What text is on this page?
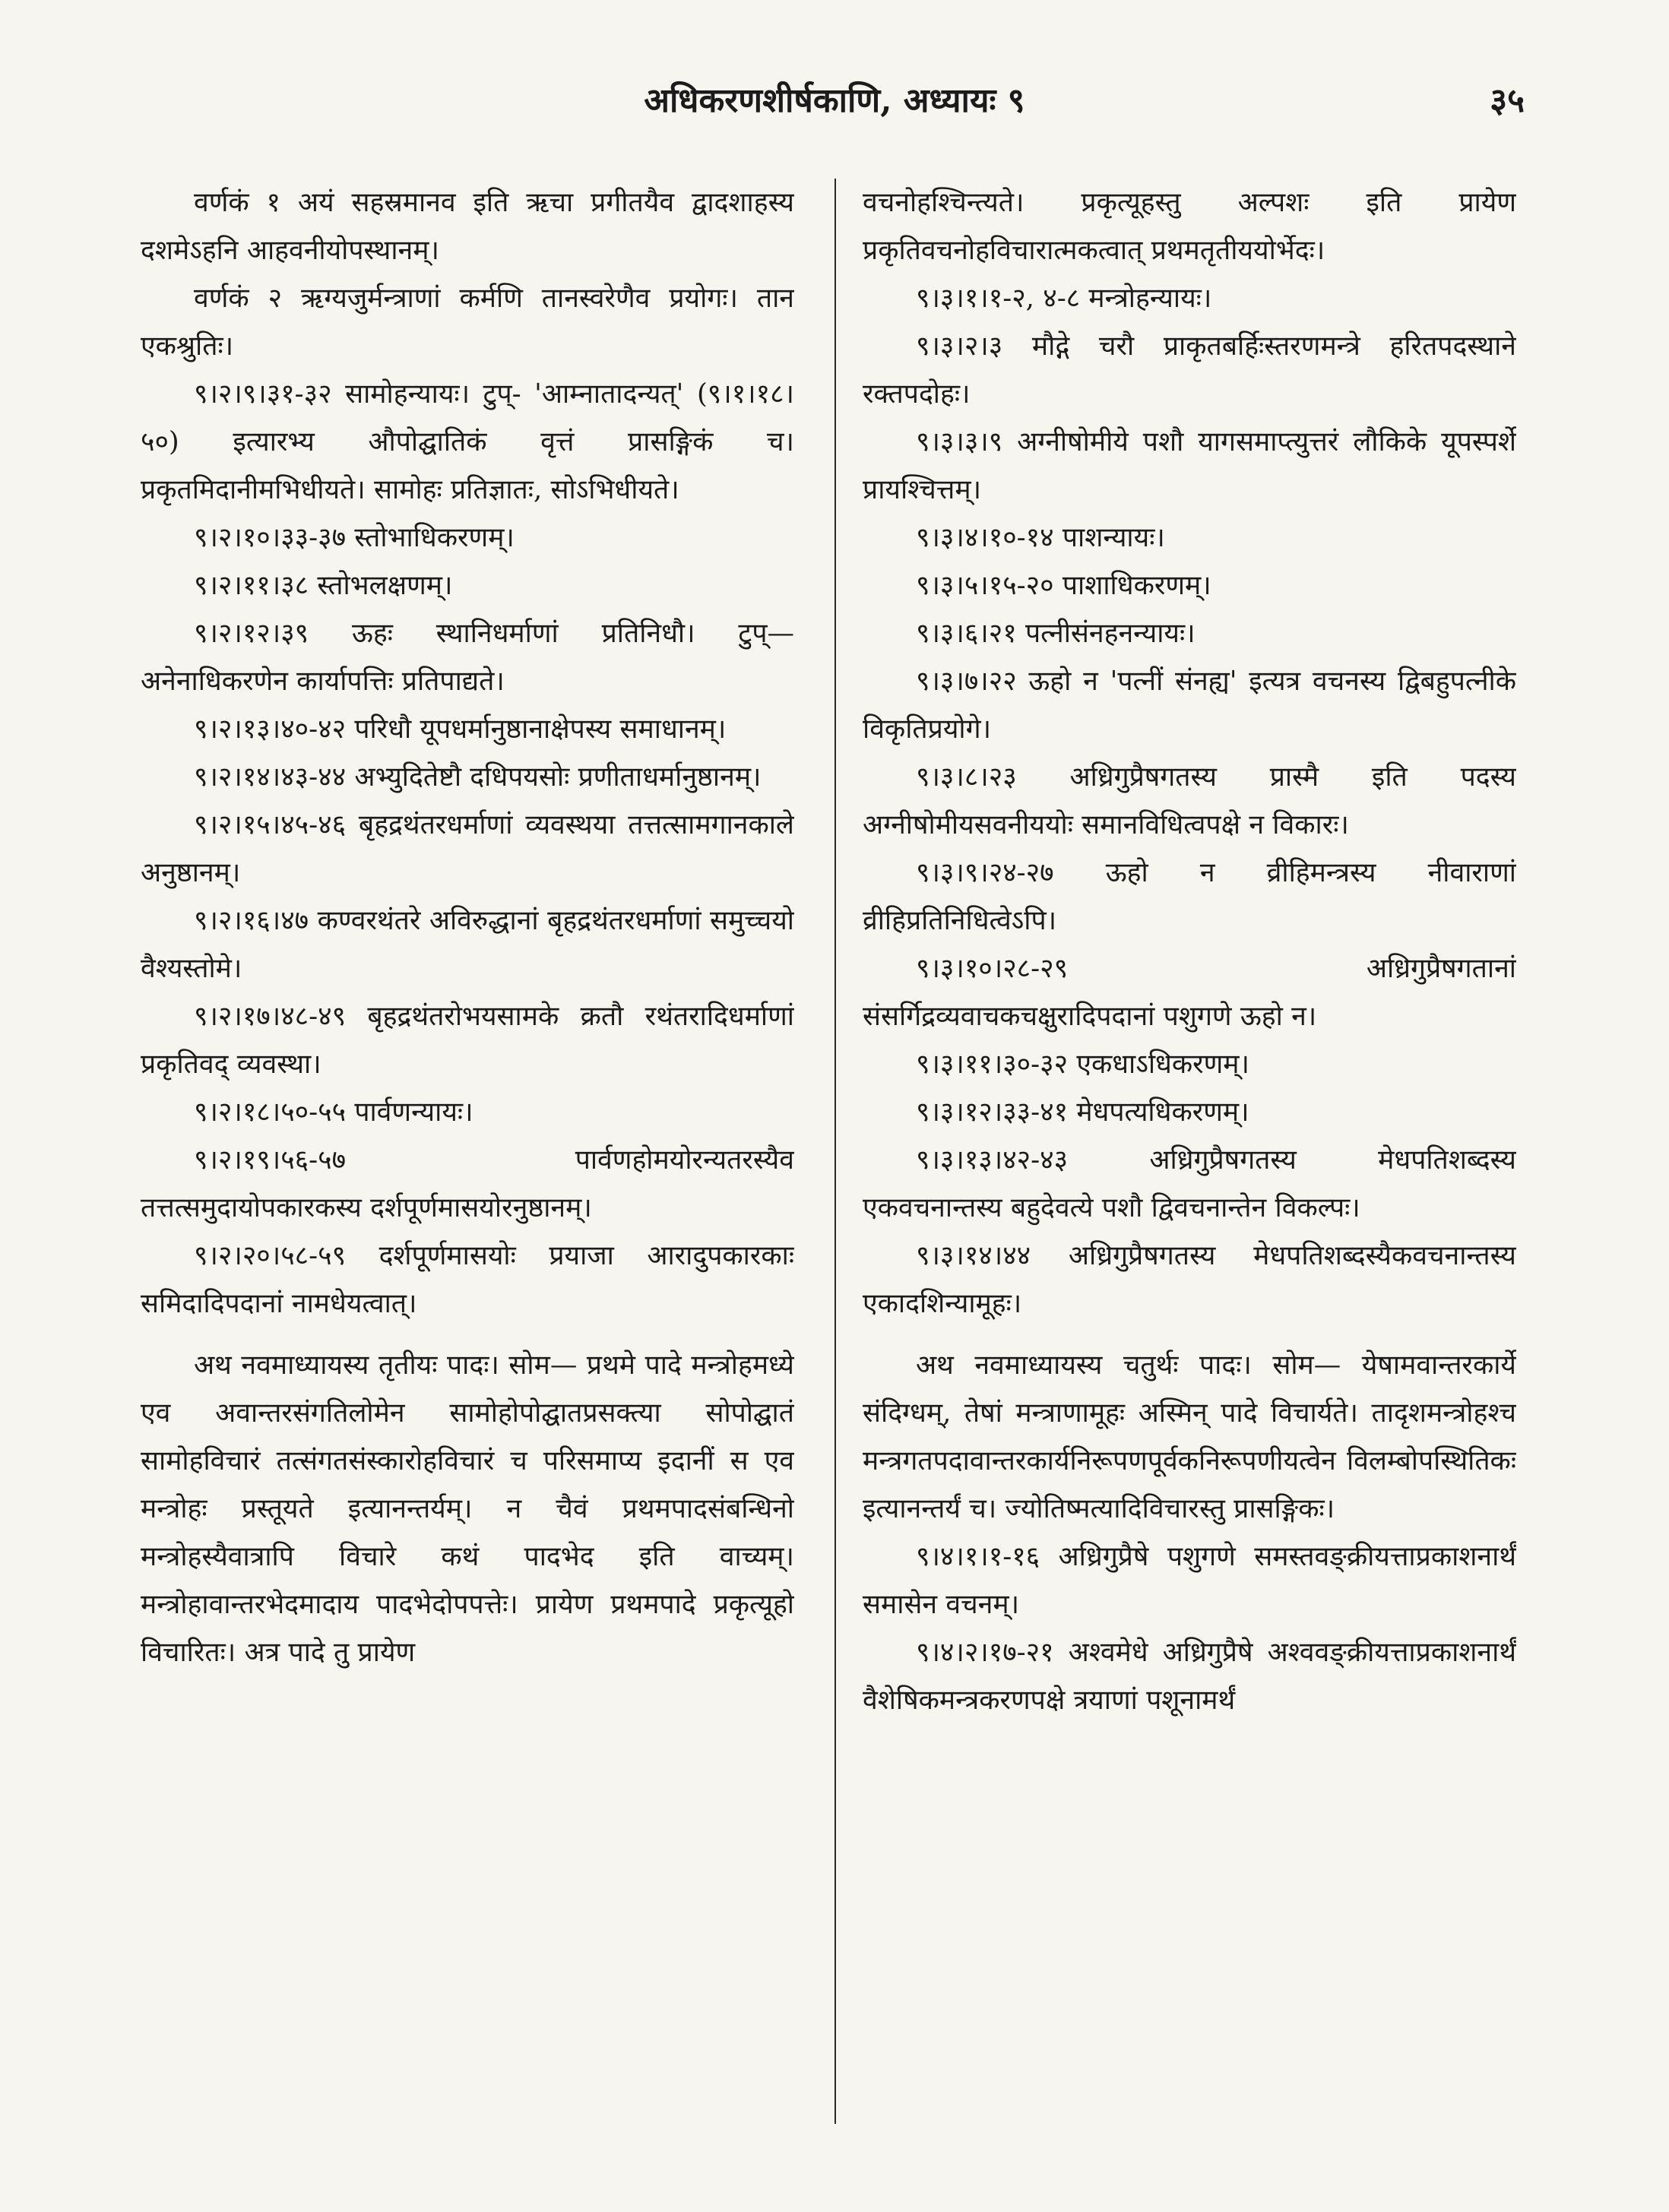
अधिकरणशीर्षकाणि, अध्यायः ९	३५

वर्णकं १ अयं सहस्रमानव इति ऋचा प्रगीतयैव द्वादशाहस्य दशमेऽहनि आहवनीयोपस्थानम्।

वर्णकं २ ऋग्यजुर्मन्त्राणां कर्मणि तानस्वरेणैव प्रयोगः। तान एकश्रुतिः।

९।२।९।३१-३२ सामोहन्यायः। टुप्- 'आम्नातादन्यत्' (९।१।१८।५०) इत्यारभ्य औपोद्घातिकं वृत्तं प्रासङ्गिकं च। प्रकृतमिदानीमभिधीयते। सामोहः प्रतिज्ञातः, सोऽभिधीयते।

९।२।१०।३३-३७ स्तोभाधिकरणम्।

९।२।११।३८ स्तोभलक्षणम्।

९।२।१२।३९ ऊहः स्थानिधर्माणां प्रतिनिधौ। टुप्— अनेनाधिकरणेन कार्यापत्तिः प्रतिपाद्यते।

९।२।१३।४०-४२ परिधौ यूपधर्मानुष्ठानाक्षेपस्य समाधानम्।

९।२।१४।४३-४४ अभ्युदितेष्टौ दधिपयसोः प्रणीताधर्मानुष्ठानम्।

९।२।१५।४५-४६ बृहद्रथंतरधर्माणां व्यवस्थया तत्तत्सामगानकाले अनुष्ठानम्।

९।२।१६।४७ कण्वरथंतरे अविरुद्धानां बृहद्रथंतरधर्माणां समुच्चयो वैश्यस्तोमे।

९।२।१७।४८-४९ बृहद्रथंतरोभयसामके क्रतौ रथंतरादिधर्माणां प्रकृतिवद् व्यवस्था।

९।२।१८।५०-५५ पार्वणन्यायः।

९।२।१९।५६-५७ पार्वणहोमयोरन्यतरस्यैव तत्तत्समुदायोपकारकस्य दर्शपूर्णमासयोरनुष्ठानम्।

९।२।२०।५८-५९ दर्शपूर्णमासयोः प्रयाजा आरादुपकारकाः समिदादिपदानां नामधेयत्वात्।

अथ नवमाध्यायस्य तृतीयः पादः। सोम— प्रथमे पादे मन्त्रोहमध्ये एव अवान्तरसंगतिलोमेन सामोहोपोद्घातप्रसक्त्या सोपोद्घातं सामोहविचारं तत्संगतसंस्कारोहविचारं च परिसमाप्य इदानीं स एव मन्त्रोहः प्रस्तूयते इत्यानन्तर्यम्। न चैवं प्रथमपादसंबन्धिनो मन्त्रोहस्यैवात्रापि विचारे कथं पादभेद इति वाच्यम्। मन्त्रोहावान्तरभेदमादाय पादभेदोपपत्तेः। प्रायेण प्रथमपादे प्रकृत्यूहो विचारितः। अत्र पादे तु प्रायेण

वचनोहश्चिन्त्यते। प्रकृत्यूहस्तु अल्पशः इति प्रायेण प्रकृतिवचनोहविचारात्मकत्वात् प्रथमतृतीययोर्भेदः।

९।३।१।१-२, ४-८ मन्त्रोहन्यायः।

९।३।२।३ मौद्गे चरौ प्राकृतबर्हिःस्तरणमन्त्रे हरितपदस्थाने रक्तपदोहः।

९।३।३।९ अग्नीषोमीये पशौ यागसमाप्त्युत्तरं लौकिके यूपस्पर्शे प्रायश्चित्तम्।

९।३।४।१०-१४ पाशन्यायः।

९।३।५।१५-२० पाशाधिकरणम्।

९।३।६।२१ पत्नीसंनहनन्यायः।

९।३।७।२२ ऊहो न 'पत्नीं संनह्य' इत्यत्र वचनस्य द्विबहुपत्नीके विकृतिप्रयोगे।

९।३।८।२३ अध्रिगुप्रैषगतस्य प्रास्मै इति पदस्य अग्नीषोमीयसवनीययोः समानविधित्वपक्षे न विकारः।

९।३।९।२४-२७ ऊहो न व्रीहिमन्त्रस्य नीवाराणां व्रीहिप्रतिनिधित्वेऽपि।

९।३।१०।२८-२९ अध्रिगुप्रैषगतानां संसर्गिद्रव्यवाचकचक्षुरादिपदानां पशुगणे ऊहो न।

९।३।११।३०-३२ एकधाऽधिकरणम्।

९।३।१२।३३-४१ मेधपत्यधिकरणम्।

९।३।१३।४२-४३ अध्रिगुप्रैषगतस्य मेधपतिशब्दस्य एकवचनान्तस्य बहुदेवत्ये पशौ द्विवचनान्तेन विकल्पः।

९।३।१४।४४ अध्रिगुप्रैषगतस्य मेधपतिशब्दस्यैकवचनान्तस्य एकादशिन्यामूहः।

अथ नवमाध्यायस्य चतुर्थः पादः। सोम— येषामवान्तरकार्ये संदिग्धम्, तेषां मन्त्राणामूहः अस्मिन् पादे विचार्यते। तादृशमन्त्रोहश्च मन्त्रगतपदावान्तरकार्यनिरूपणपूर्वकनिरूपणीयत्वेन विलम्बोपस्थितिकः इत्यानन्तर्यं च। ज्योतिष्मत्यादिविचारस्तु प्रासङ्गिकः।

९।४।१।१-१६ अध्रिगुप्रैषे पशुगणे समस्तवङ्क्रीयत्ताप्रकाशनार्थं समासेन वचनम्।

९।४।२।१७-२१ अश्वमेधे अध्रिगुप्रैषे अश्ववङ्क्रीयत्ताप्रकाशनार्थं वैशेषिकमन्त्रकरणपक्षे त्रयाणां पशूनामर्थं
